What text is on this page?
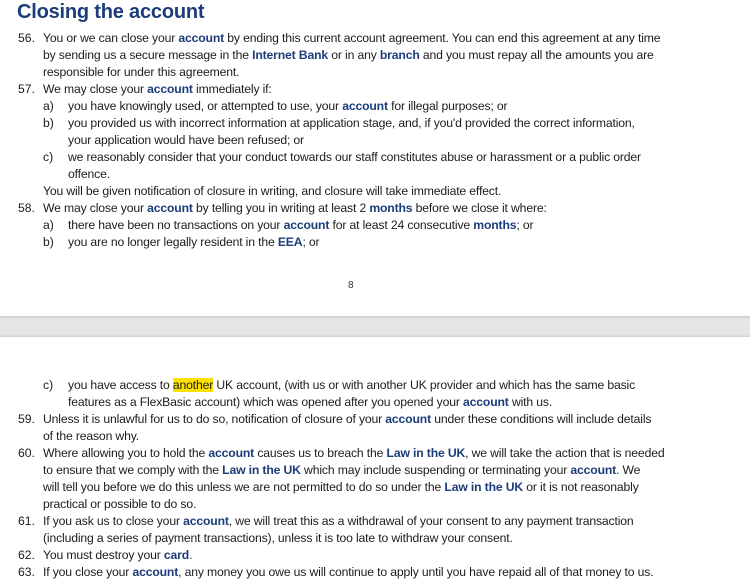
Closing the account
56. You or we can close your account by ending this current account agreement. You can end this agreement at any time
by sending us a secure message in the Internet Bank or in any branch and you must repay all the amounts you are
responsible for under this agreement.
57. We may close your account immediately if:
a) you have knowingly used, or attempted to use, your account for illegal purposes; or
b) you provided us with incorrect information at application stage, and, if you'd provided the correct information,
your application would have been refused; or
c) we reasonably consider that your conduct towards our staff constitutes abuse or harassment or a public order
offence.
You will be given notification of closure in writing, and closure will take immediate effect.
58. We may close your account by telling you in writing at least 2 months before we close it where:
a) there have been no transactions on your account for at least 24 consecutive months; or
b) you are no longer legally resident in the EEA; or
8
c) you have access to another UK account, (with us or with another UK provider and which has the same basic
features as a FlexBasic account) which was opened after you opened your account with us.
59. Unless it is unlawful for us to do so, notification of closure of your account under these conditions will include details
of the reason why.
60. Where allowing you to hold the account causes us to breach the Law in the UK, we will take the action that is needed
to ensure that we comply with the Law in the UK which may include suspending or terminating your account. We
will tell you before we do this unless we are not permitted to do so under the Law in the UK or it is not reasonably
practical or possible to do so.
61. If you ask us to close your account, we will treat this as a withdrawal of your consent to any payment transaction
(including a series of payment transactions), unless it is too late to withdraw your consent.
62. You must destroy your card.
63. If you close your account, any money you owe us will continue to apply until you have repaid all of that money to us.
